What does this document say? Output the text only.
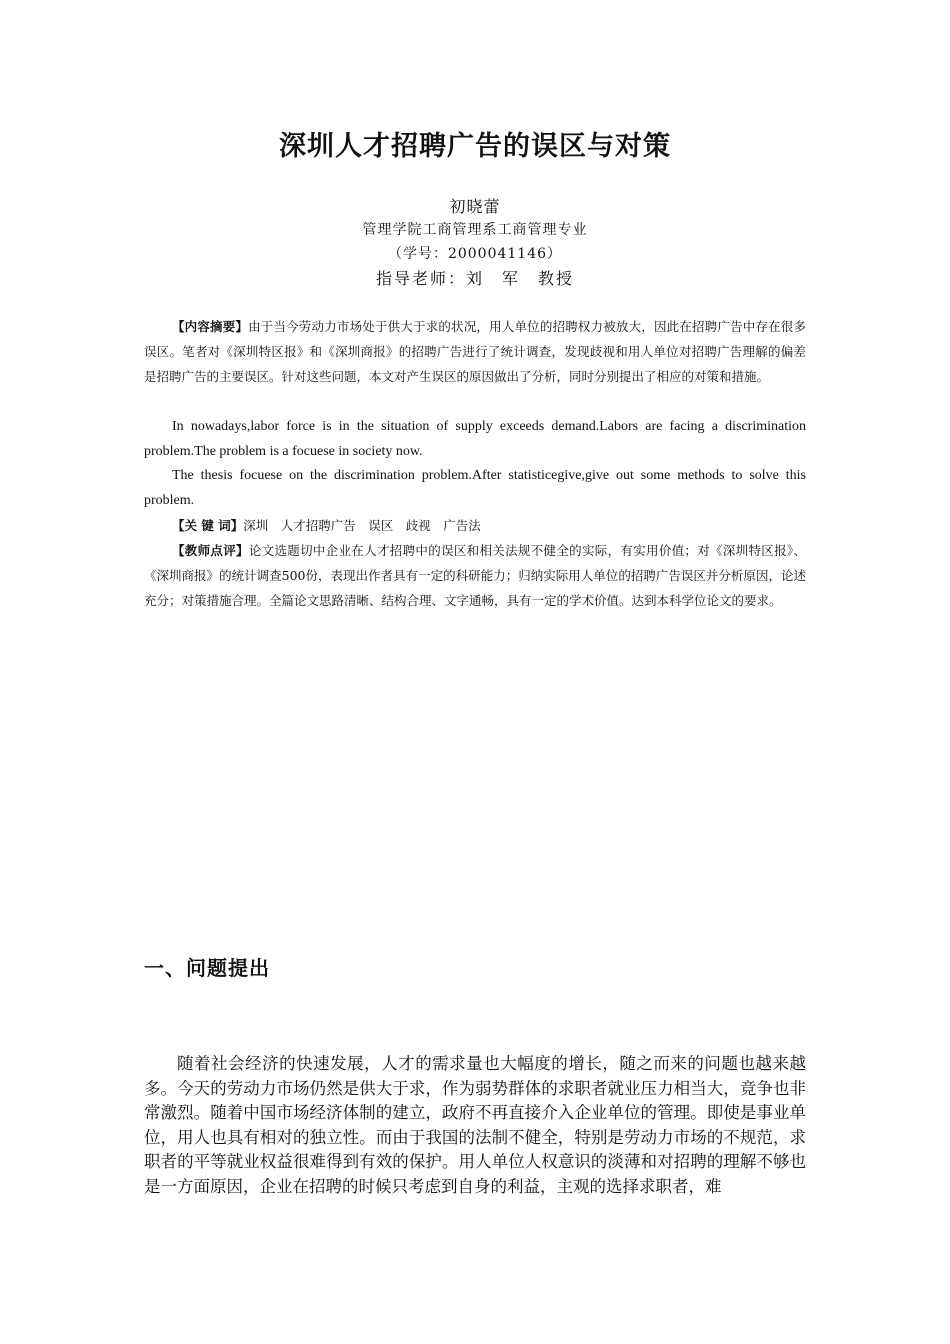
深圳人才招聘广告的误区与对策
初晓蕾
管理学院工商管理系工商管理专业
（学号：2000041146）
指导老师：刘　军　教授
【内容摘要】由于当今劳动力市场处于供大于求的状况，用人单位的招聘权力被放大，因此在招聘广告中存在很多误区。笔者对《深圳特区报》和《深圳商报》的招聘广告进行了统计调查，发现歧视和用人单位对招聘广告理解的偏差是招聘广告的主要误区。针对这些问题，本文对产生误区的原因做出了分析，同时分别提出了相应的对策和措施。
In nowadays,labor force is in the situation of supply exceeds demand.Labors are facing a discrimination problem.The problem is a focuese in society now.
The thesis focuese on the discrimination problem.After statisticegive,give out some methods to solve this problem.
【关 键 词】深圳　人才招聘广告　误区　歧视　广告法
【教师点评】论文选题切中企业在人才招聘中的误区和相关法规不健全的实际，有实用价值；对《深圳特区报》、《深圳商报》的统计调查500份，表现出作者具有一定的科研能力；归纳实际用人单位的招聘广告误区并分析原因，论述充分；对策措施合理。全篇论文思路清晰、结构合理、文字通畅，具有一定的学术价值。达到本科学位论文的要求。
一、问题提出
随着社会经济的快速发展，人才的需求量也大幅度的增长，随之而来的问题也越来越多。今天的劳动力市场仍然是供大于求，作为弱势群体的求职者就业压力相当大，竞争也非常激烈。随着中国市场经济体制的建立，政府不再直接介入企业单位的管理。即使是事业单位，用人也具有相对的独立性。而由于我国的法制不健全，特别是劳动力市场的不规范，求职者的平等就业权益很难得到有效的保护。用人单位人权意识的淡薄和对招聘的理解不够也是一方面原因，企业在招聘的时候只考虑到自身的利益，主观的选择求职者，难
